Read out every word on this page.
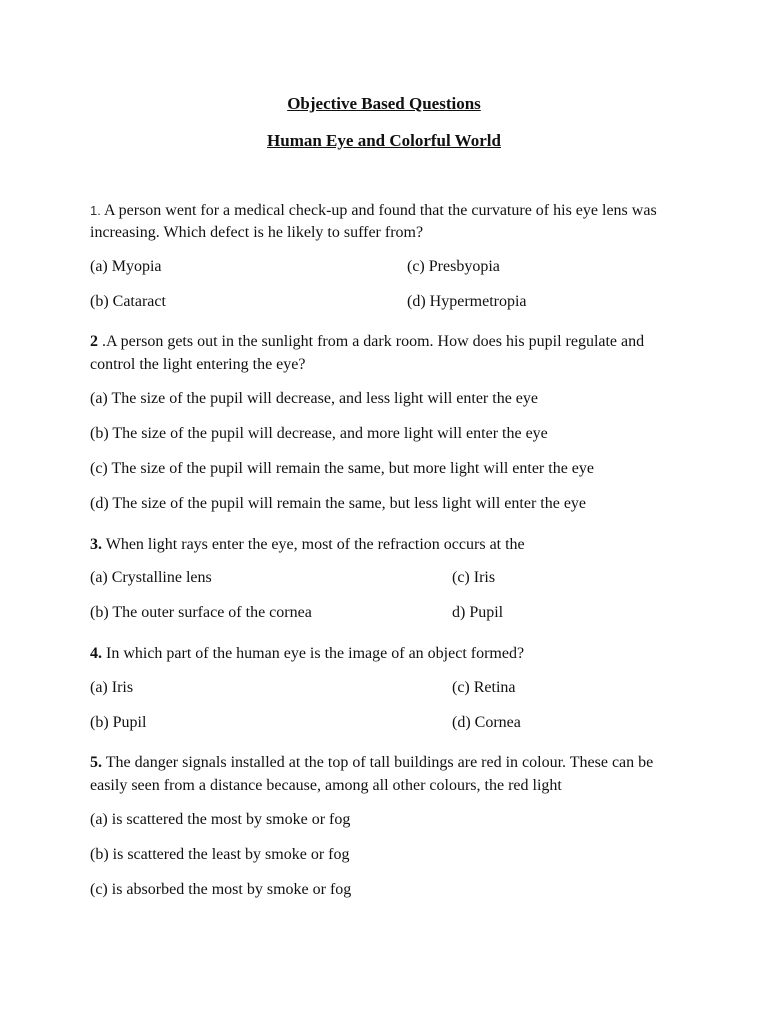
Objective Based Questions
Human Eye and Colorful World
1. A person went for a medical check-up and found that the curvature of his eye lens was
increasing. Which defect is he likely to suffer from?
(a) Myopia	(c) Presbyopia
(b) Cataract	(d) Hypermetropia
2 .A person gets out in the sunlight from a dark room. How does his pupil regulate and
control the light entering the eye?
(a) The size of the pupil will decrease, and less light will enter the eye
(b) The size of the pupil will decrease, and more light will enter the eye
(c) The size of the pupil will remain the same, but more light will enter the eye
(d) The size of the pupil will remain the same, but less light will enter the eye
3. When light rays enter the eye, most of the refraction occurs at the
(a) Crystalline lens	(c) Iris
(b) The outer surface of the cornea	d) Pupil
4. In which part of the human eye is the image of an object formed?
(a) Iris	(c) Retina
(b) Pupil	(d) Cornea
5. The danger signals installed at the top of tall buildings are red in colour. These can be
easily seen from a distance because, among all other colours, the red light
(a) is scattered the most by smoke or fog
(b) is scattered the least by smoke or fog
(c) is absorbed the most by smoke or fog
